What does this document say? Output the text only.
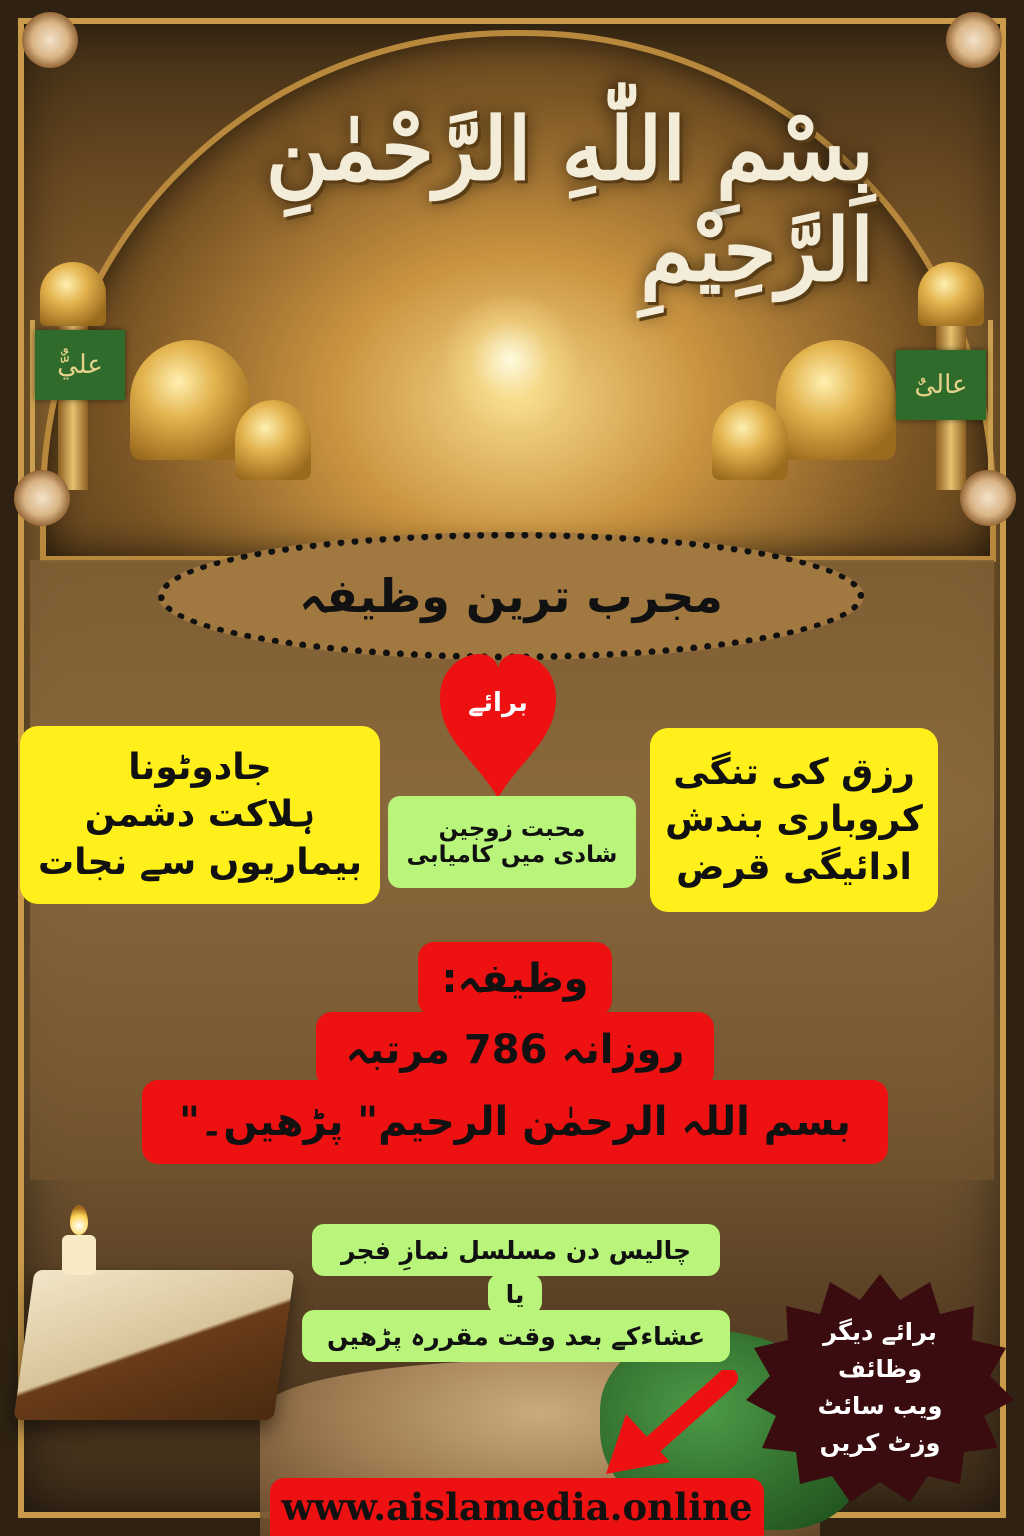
عليٌّ
عالیٌ
بِسْمِ اللّٰهِ الرَّحْمٰنِ الرَّحِيْمِ
مجرب ترین وظیفہ
برائے
جادوٹونا
ہلاکت دشمن
بیماریوں سے نجات
رزق کی تنگی
کروباری بندش
ادائیگی قرض
محبت زوجین
شادی میں کامیابی
وظیفہ:
روزانہ 786 مرتبہ
بسم اللہ الرحمٰن الرحیم" پڑھیں۔"
چالیس دن مسلسل نمازِ فجر
یا
عشاءکے بعد وقت مقررہ پڑھیں	برائے دیگر
وظائف
ویب سائٹ
وزٹ کریں
www.aislamedia.online
